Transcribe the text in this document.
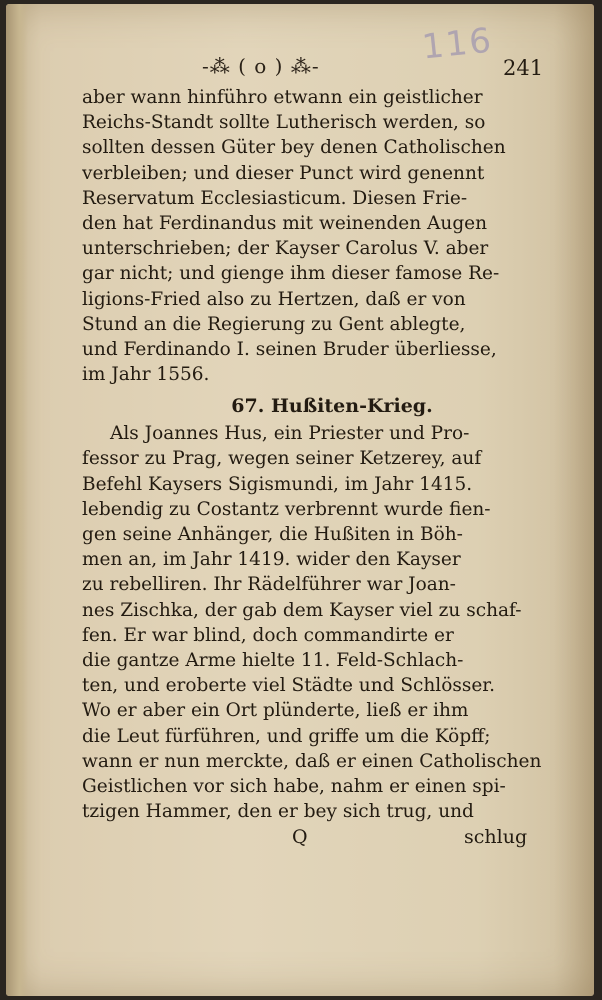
-⁂ ( o ) ⁂-	116
241
aber wann hinführo etwann ein geistlicher
Reichs-Standt sollte Lutherisch werden, so
sollten dessen Güter bey denen Catholischen
verbleiben; und dieser Punct wird genennt
Reservatum Ecclesiasticum. Diesen Frie-
den hat Ferdinandus mit weinenden Augen
unterschrieben; der Kayser Carolus V. aber
gar nicht; und gienge ihm dieser famose Re-
ligions-Fried also zu Hertzen, daß er von
Stund an die Regierung zu Gent ablegte,
und Ferdinando I. seinen Bruder überliesse,
im Jahr 1556.
67. Hußiten-Krieg.
Als Joannes Hus, ein Priester und Pro-
fessor zu Prag, wegen seiner Ketzerey, auf
Befehl Kaysers Sigismundi, im Jahr 1415.
lebendig zu Costantz verbrennt wurde fien-
gen seine Anhänger, die Hußiten in Böh-
men an, im Jahr 1419. wider den Kayser
zu rebelliren. Ihr Rädelführer war Joan-
nes Zischka, der gab dem Kayser viel zu schaf-
fen. Er war blind, doch commandirte er
die gantze Arme hielte 11. Feld-Schlach-
ten, und eroberte viel Städte und Schlösser.
Wo er aber ein Ort plünderte, ließ er ihm
die Leut fürführen, und griffe um die Köpff;
wann er nun merckte, daß er einen Catholischen
Geistlichen vor sich habe, nahm er einen spi-
tzigen Hammer, den er bey sich trug, und
Q	schlug
